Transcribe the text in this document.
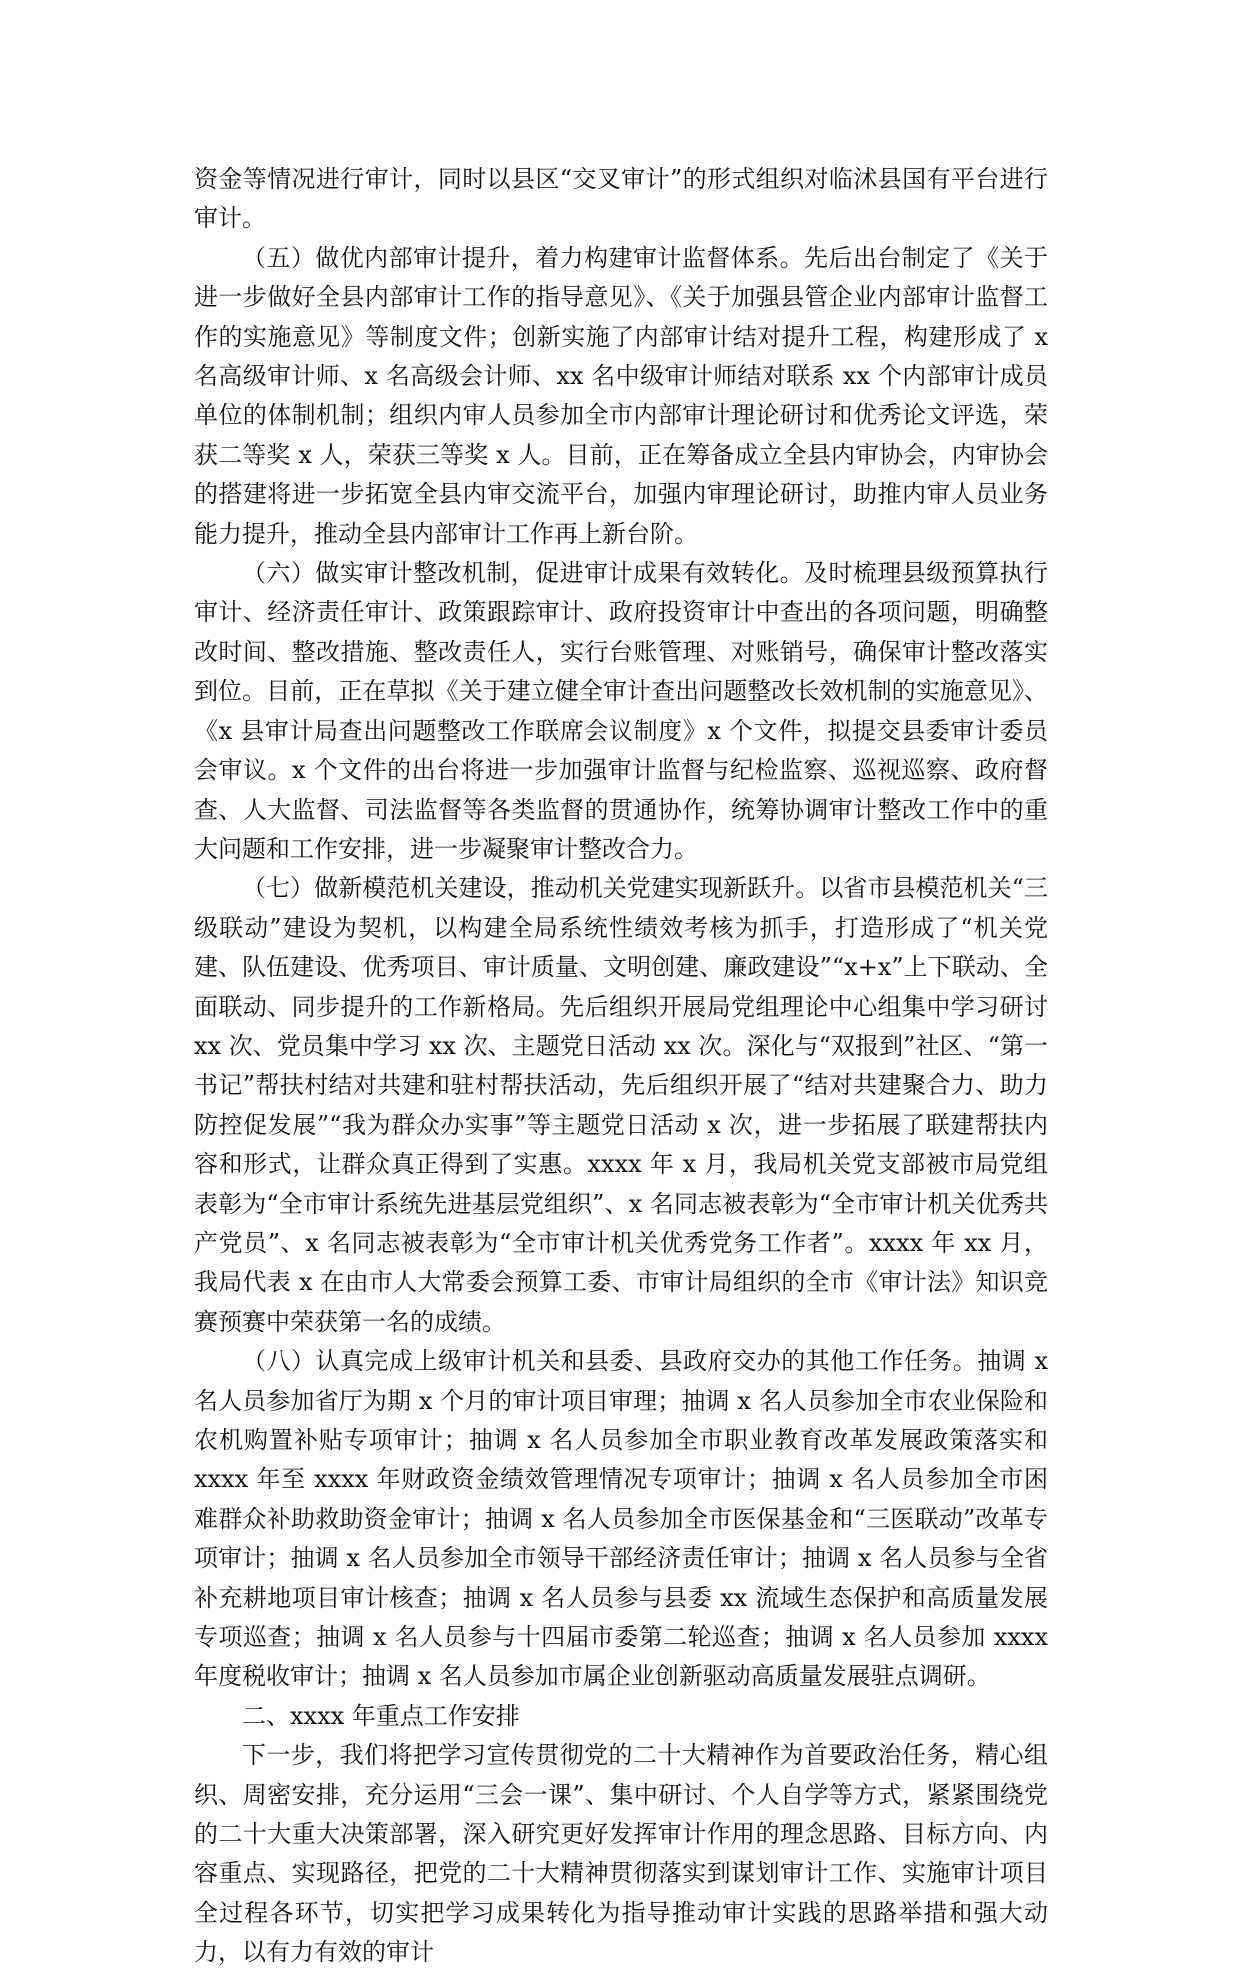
资金等情况进行审计，同时以县区“交叉审计”的形式组织对临沭县国有平台进行审计。

（五）做优内部审计提升，着力构建审计监督体系。先后出台制定了《关于进一步做好全县内部审计工作的指导意见》、《关于加强县管企业内部审计监督工作的实施意见》等制度文件；创新实施了内部审计结对提升工程，构建形成了 x 名高级审计师、x 名高级会计师、xx 名中级审计师结对联系 xx 个内部审计成员单位的体制机制；组织内审人员参加全市内部审计理论研讨和优秀论文评选，荣获二等奖 x 人，荣获三等奖 x 人。目前，正在筹备成立全县内审协会，内审协会的搭建将进一步拓宽全县内审交流平台，加强内审理论研讨，助推内审人员业务能力提升，推动全县内部审计工作再上新台阶。

（六）做实审计整改机制，促进审计成果有效转化。及时梳理县级预算执行审计、经济责任审计、政策跟踪审计、政府投资审计中查出的各项问题，明确整改时间、整改措施、整改责任人，实行台账管理、对账销号，确保审计整改落实到位。目前，正在草拟《关于建立健全审计查出问题整改长效机制的实施意见》、《x 县审计局查出问题整改工作联席会议制度》x 个文件，拟提交县委审计委员会审议。x 个文件的出台将进一步加强审计监督与纪检监察、巡视巡察、政府督查、人大监督、司法监督等各类监督的贯通协作，统筹协调审计整改工作中的重大问题和工作安排，进一步凝聚审计整改合力。

（七）做新模范机关建设，推动机关党建实现新跃升。以省市县模范机关“三级联动”建设为契机，以构建全局系统性绩效考核为抓手，打造形成了“机关党建、队伍建设、优秀项目、审计质量、文明创建、廉政建设”“x+x”上下联动、全面联动、同步提升的工作新格局。先后组织开展局党组理论中心组集中学习研讨 xx 次、党员集中学习 xx 次、主题党日活动 xx 次。深化与“双报到”社区、“第一书记”帮扶村结对共建和驻村帮扶活动，先后组织开展了“结对共建聚合力、助力防控促发展”“我为群众办实事”等主题党日活动 x 次，进一步拓展了联建帮扶内容和形式，让群众真正得到了实惠。xxxx 年 x 月，我局机关党支部被市局党组表彰为“全市审计系统先进基层党组织”、x 名同志被表彰为“全市审计机关优秀共产党员”、x 名同志被表彰为“全市审计机关优秀党务工作者”。xxxx 年 xx 月，我局代表 x 在由市人大常委会预算工委、市审计局组织的全市《审计法》知识竞赛预赛中荣获第一名的成绩。

（八）认真完成上级审计机关和县委、县政府交办的其他工作任务。抽调 x 名人员参加省厅为期 x 个月的审计项目审理；抽调 x 名人员参加全市农业保险和农机购置补贴专项审计；抽调 x 名人员参加全市职业教育改革发展政策落实和 xxxx 年至 xxxx 年财政资金绩效管理情况专项审计；抽调 x 名人员参加全市困难群众补助救助资金审计；抽调 x 名人员参加全市医保基金和“三医联动”改革专项审计；抽调 x 名人员参加全市领导干部经济责任审计；抽调 x 名人员参与全省补充耕地项目审计核查；抽调 x 名人员参与县委 xx 流域生态保护和高质量发展专项巡查；抽调 x 名人员参与十四届市委第二轮巡查；抽调 x 名人员参加 xxxx 年度税收审计；抽调 x 名人员参加市属企业创新驱动高质量发展驻点调研。

二、xxxx 年重点工作安排

下一步，我们将把学习宣传贯彻党的二十大精神作为首要政治任务，精心组织、周密安排，充分运用“三会一课”、集中研讨、个人自学等方式，紧紧围绕党的二十大重大决策部署，深入研究更好发挥审计作用的理念思路、目标方向、内容重点、实现路径，把党的二十大精神贯彻落实到谋划审计工作、实施审计项目全过程各环节，切实把学习成果转化为指导推动审计实践的思路举措和强大动力，以有力有效的审计
